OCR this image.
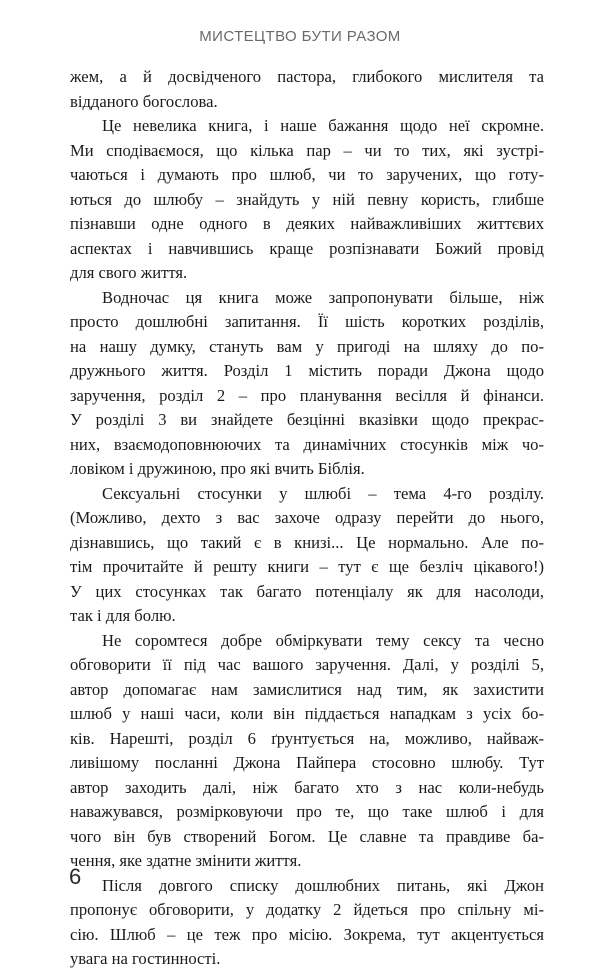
МИСТЕЦТВО БУТИ РАЗОМ

жем, а й досвідченого пастора, глибокого мислителя та
відданого богослова.

Це невелика книга, і наше бажання щодо неї скромне.
Ми сподіваємося, що кілька пар – чи то тих, які зустрі-
чаються і думають про шлюб, чи то заручених, що готу-
ються до шлюбу – знайдуть у ній певну користь, глибше
пізнавши одне одного в деяких найважливіших життєвих
аспектах і навчившись краще розпізнавати Божий провід
для свого життя.

Водночас ця книга може запропонувати більше, ніж
просто дошлюбні запитання. Її шість коротких розділів,
на нашу думку, стануть вам у пригоді на шляху до по-
дружнього життя. Розділ 1 містить поради Джона щодо
заручення, розділ 2 – про планування весілля й фінанси.
У розділі 3 ви знайдете безцінні вказівки щодо прекрас-
них, взаємодоповнюючих та динамічних стосунків між чо-
ловіком і дружиною, про які вчить Біблія.

Сексуальні стосунки у шлюбі – тема 4-го розділу.
(Можливо, дехто з вас захоче одразу перейти до нього,
дізнавшись, що такий є в книзі... Це нормально. Але по-
тім прочитайте й решту книги – тут є ще безліч цікавого!)
У цих стосунках так багато потенціалу як для насолоди,
так і для болю.

Не соромтеся добре обміркувати тему сексу та чесно
обговорити її під час вашого заручення. Далі, у розділі 5,
автор допомагає нам замислитися над тим, як захистити
шлюб у наші часи, коли він піддається нападкам з усіх бо-
ків. Нарешті, розділ 6 ґрунтується на, можливо, найваж-
ливішому посланні Джона Пайпера стосовно шлюбу. Тут
автор заходить далі, ніж багато хто з нас коли-небудь
наважувався, розмірковуючи про те, що таке шлюб і для
чого він був створений Богом. Це славне та правдиве ба-
чення, яке здатне змінити життя.

Після довгого списку дошлюбних питань, які Джон
пропонує обговорити, у додатку 2 йдеться про спільну мі-
сію. Шлюб – це теж про місію. Зокрема, тут акцентується
увага на гостинності.

6
